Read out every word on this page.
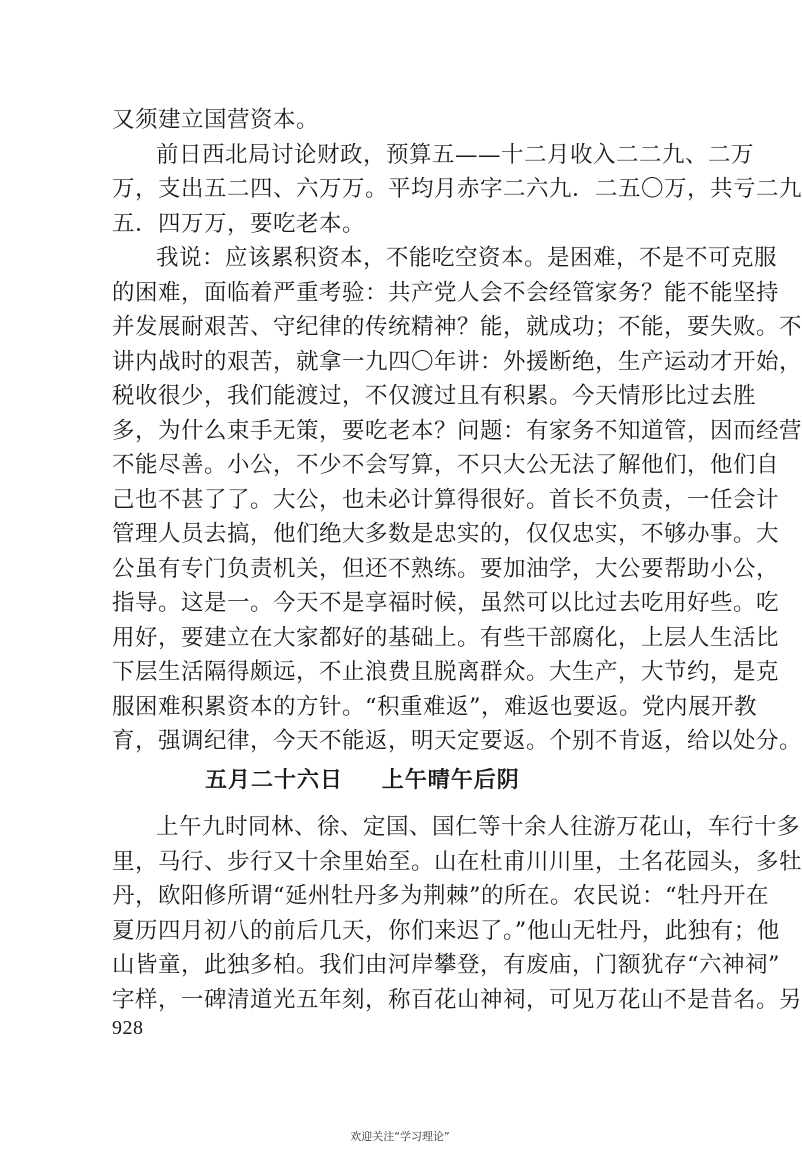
又须建立国营资本。
前日西北局讨论财政，预算五——十二月收入二二九、二万
万，支出五二四、六万万。平均月赤字二六九．二五〇万，共亏二九
五．四万万，要吃老本。
我说：应该累积资本，不能吃空资本。是困难，不是不可克服
的困难，面临着严重考验：共产党人会不会经管家务？能不能坚持
并发展耐艰苦、守纪律的传统精神？能，就成功；不能，要失败。不
讲内战时的艰苦，就拿一九四〇年讲：外援断绝，生产运动才开始，
税收很少，我们能渡过，不仅渡过且有积累。今天情形比过去胜
多，为什么束手无策，要吃老本？问题：有家务不知道管，因而经营
不能尽善。小公，不少不会写算，不只大公无法了解他们，他们自
己也不甚了了。大公，也未必计算得很好。首长不负责，一任会计
管理人员去搞，他们绝大多数是忠实的，仅仅忠实，不够办事。大
公虽有专门负责机关，但还不熟练。要加油学，大公要帮助小公，
指导。这是一。今天不是享福时候，虽然可以比过去吃用好些。吃
用好，要建立在大家都好的基础上。有些干部腐化，上层人生活比
下层生活隔得颇远，不止浪费且脱离群众。大生产，大节约，是克
服困难积累资本的方针。“积重难返”，难返也要返。党内展开教
育，强调纪律，今天不能返，明天定要返。个别不肯返，给以处分。
五月二十六日 上午晴午后阴
上午九时同林、徐、定国、国仁等十余人往游万花山，车行十多
里，马行、步行又十余里始至。山在杜甫川川里，土名花园头，多牡
丹，欧阳修所谓“延州牡丹多为荆棘”的所在。农民说：“牡丹开在
夏历四月初八的前后几天，你们来迟了。”他山无牡丹，此独有；他
山皆童，此独多柏。我们由河岸攀登，有废庙，门额犹存“六神祠”
字样，一碑清道光五年刻，称百花山神祠，可见万花山不是昔名。另
928
欢迎关注“学习理论”
